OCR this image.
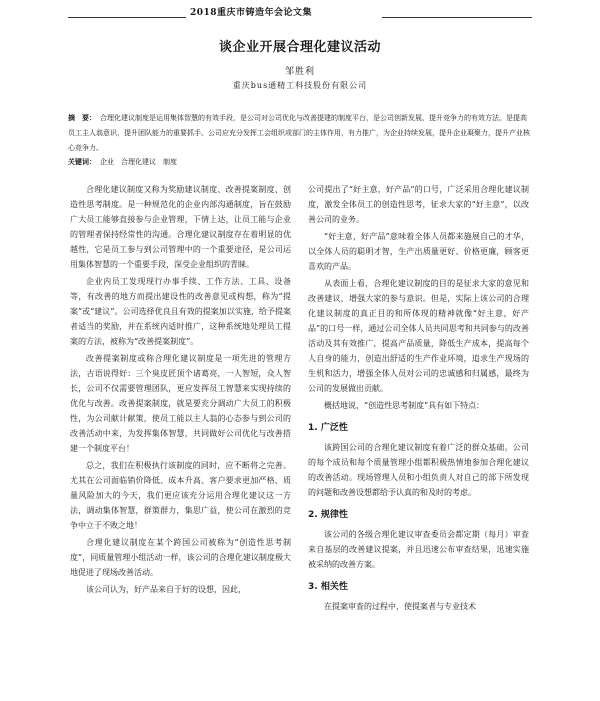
2018重庆市铸造年会论文集
谈企业开展合理化建议活动
邹胜利
重庆bus通精工科技股份有限公司
摘　要： 合理化建议制度是运用集体智慧的有效手段，是公司对公司优化与改善提建的制度平台，是公司创新发展、提升竞争力的有效方法。是提高员工主人翁意识，提升团队能力的重要抓手。公司应充分发挥工会组织或部门的主体作用，有力推广，为企业持续发展，提升企业凝聚力，提升产业核心竞争力。
关键词： 企业　合理化建议　制度

合理化建议制度又称为奖励建议制度、改善提案制度、创造性思考制度。是一种规范化的企业内部沟通制度，旨在鼓励广大员工能够直接参与企业管理，下情上达，让员工能与企业的管理者保持经常性的沟通。合理化建议制度存在着明显的优越性，它是员工参与到公司管理中的一个重要途径，是公司运用集体智慧的一个重要手段，深受企业组织的青睐。

企业内员工发现现行办事手续、工作方法、工具、设备等，有改善的地方而提出建设性的改善意见或构想，称为“提案”或“建议”。公司选择优良且有效的提案加以实施，给予提案者适当的奖励，并在系统内适时推广，这种系统地处理员工提案的方法，被称为“改善提案制度”。

改善提案制度或称合理化建议制度是一项先进的管理方法，古语说得好：三个臭皮匠顶个诸葛亮，一人智短，众人智长，公司不仅需要管理团队，更应发挥员工智慧来实现持续的优化与改善。改善提案制度，就是要充分调动广大员工的积极性，为公司献计献策，使员工能以主人翁的心态参与到公司的改善活动中来，为发挥集体智慧，共同做好公司优化与改善搭建一个制度平台！

总之，我们在积极执行该制度的同时，应不断将之完善。尤其在公司面临销价降低、成本升高、客户要求更加严格、质量风险加大的今天，我们更应该充分运用合理化建议这一方法，调动集体智慧，群策群力，集思广益，使公司在激烈的竞争中立于不败之地！

合理化建议制度在某个跨国公司被称为“创造性思考制度”，同质量管理小组活动一样，该公司的合理化建议制度极大地促进了现场改善活动。

该公司认为，好产品来自于好的设想，因此，

公司提出了“好主意，好产品”的口号，广泛采用合理化建议制度，激发全体员工的创造性思考，征求大家的“好主意”，以改善公司的业务。

“好主意，好产品”意味着全体人员都来施展自己的才华，以全体人员的聪明才智，生产出质量更好、价格更廉，顾客更喜欢的产品。

从表面上看，合理化建议制度的目的是征求大家的意见和改善建议，增强大家的参与意识。但是，实际上该公司的合理化建议制度的真正目的和所体现的精神就像“好主意，好产品”的口号一样，通过公司全体人员共同思考和共同参与的改善活动及其有效推广，提高产品质量，降低生产成本，提高每个人自身的能力，创造出舒适的生产作业环境，追求生产现场的生机和活力，增强全体人员对公司的忠诚感和归属感，最终为公司的发展做出贡献。

概括地说，“创造性思考制度”具有如下特点：

1. 广泛性

该跨国公司的合理化建议制度有着广泛的群众基础。公司的每个成员和每个质量管理小组都积极热情地参加合理化建议的改善活动。现场管理人员和小组负责人对自己的部下所发现的问题和改善设想都给予认真的和及时的考虑。

2. 规律性

该公司的各级合理化建议审查委员会都定期（每月）审查来自基层的改善建议提案，并且迅速公布审查结果，迅速实施被采纳的改善方案。

3. 相关性

在提案审查的过程中，使提案者与专业技术
